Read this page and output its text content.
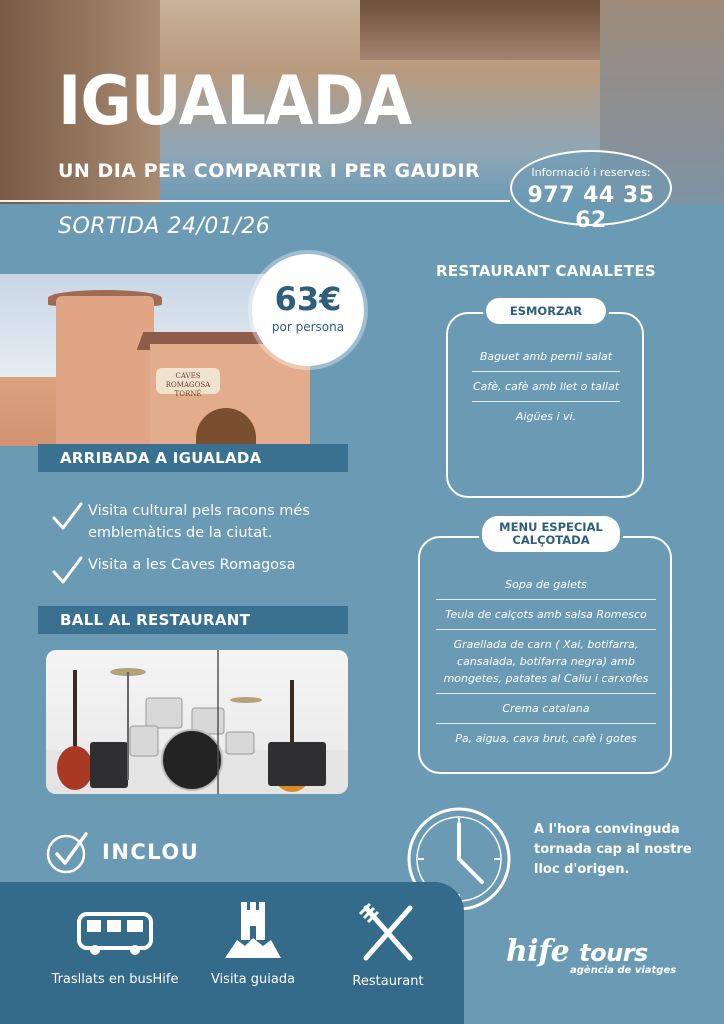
IGUALADA
UN DIA PER COMPARTIR I PER GAUDIR	Informació i reserves:
977 44 35 62
SORTIDA 24/01/26
CAVES ROMAGOSA TORNÉ
63€
por persona
ARRIBADA A IGUALADA
Visita cultural pels racons més emblemàtics de la ciutat.
Visita a les Caves Romagosa
BALL AL RESTAURANT
RESTAURANT CANALETES
ESMORZAR
Baguet amb pernil salat
Cafè, cafè amb llet o tallat
Aigües i vi.
MENU ESPECIAL
CALÇOTADA
Sopa de galets
Teula de calçots amb salsa Romesco
Graellada de carn ( Xai, botifarra, cansalada, botifarra negra) amb mongetes, patates al Caliu i carxofes
Crema catalana
Pa, aigua, cava brut, cafè i gotes
A l'hora convinguda tornada cap al nostre lloc d'origen.
INCLOU
Trasllats en busHife	Visita guiada	Restaurant
hife tours
agència de viatges
